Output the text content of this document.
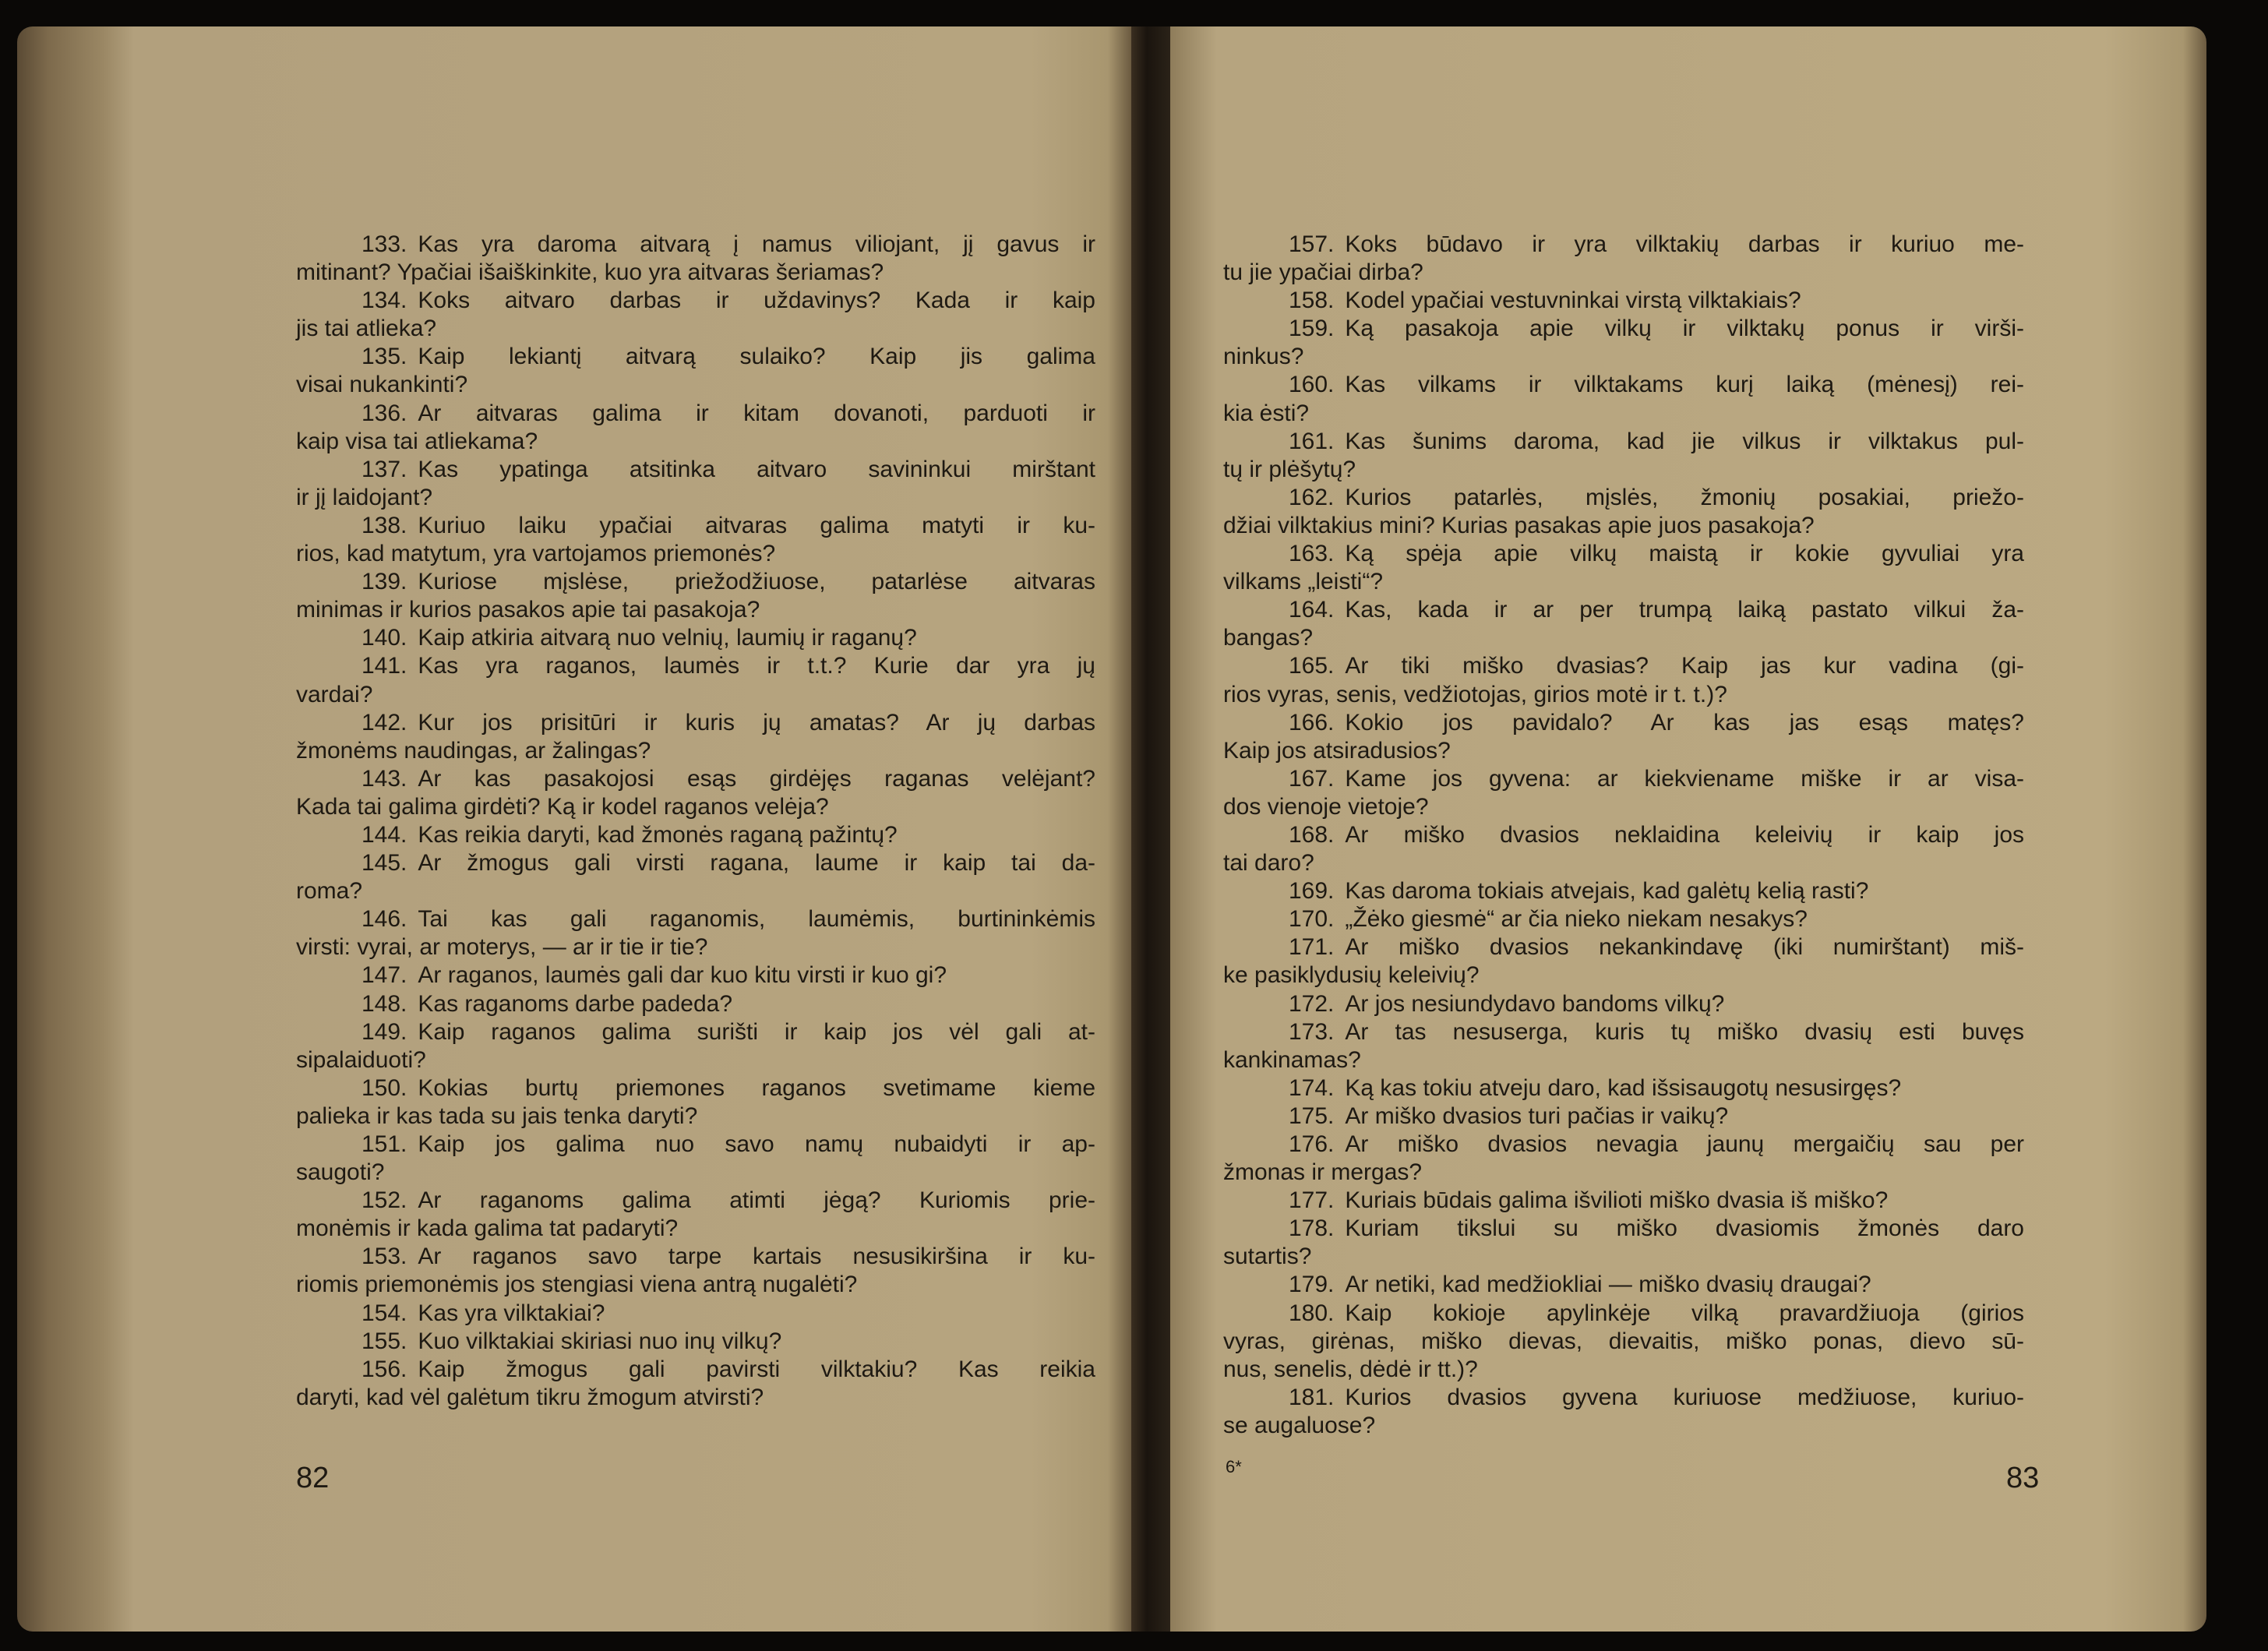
133. Kas yra daroma aitvarą į namus viliojant, jį gavus ir
mitinant? Ypačiai išaiškinkite, kuo yra aitvaras šeriamas?
134. Koks aitvaro darbas ir uždavinys? Kada ir kaip
jis tai atlieka?
135. Kaip lekiantį aitvarą sulaiko? Kaip jis galima
visai nukankinti?
136. Ar aitvaras galima ir kitam dovanoti, parduoti ir
kaip visa tai atliekama?
137. Kas ypatinga atsitinka aitvaro savininkui mirštant
ir jį laidojant?
138. Kuriuo laiku ypačiai aitvaras galima matyti ir ku-
rios, kad matytum, yra vartojamos priemonės?
139. Kuriose mįslėse, priežodžiuose, patarlėse aitvaras
minimas ir kurios pasakos apie tai pasakoja?
140. Kaip atkiria aitvarą nuo velnių, laumių ir raganų?
141. Kas yra raganos, laumės ir t.t.? Kurie dar yra jų
vardai?
142. Kur jos prisitūri ir kuris jų amatas? Ar jų darbas
žmonėms naudingas, ar žalingas?
143. Ar kas pasakojosi esąs girdėjęs raganas velėjant?
Kada tai galima girdėti? Ką ir kodel raganos velėja?
144. Kas reikia daryti, kad žmonės raganą pažintų?
145. Ar žmogus gali virsti ragana, laume ir kaip tai da-
roma?
146. Tai kas gali raganomis, laumėmis, burtininkėmis
virsti: vyrai, ar moterys, — ar ir tie ir tie?
147. Ar raganos, laumės gali dar kuo kitu virsti ir kuo gi?
148. Kas raganoms darbe padeda?
149. Kaip raganos galima surišti ir kaip jos vėl gali at-
sipalaiduoti?
150. Kokias burtų priemones raganos svetimame kieme
palieka ir kas tada su jais tenka daryti?
151. Kaip jos galima nuo savo namų nubaidyti ir ap-
saugoti?
152. Ar raganoms galima atimti jėgą? Kuriomis prie-
monėmis ir kada galima tat padaryti?
153. Ar raganos savo tarpe kartais nesusikiršina ir ku-
riomis priemonėmis jos stengiasi viena antrą nugalėti?
154. Kas yra vilktakiai?
155. Kuo vilktakiai skiriasi nuo inų vilkų?
156. Kaip žmogus gali pavirsti vilktakiu? Kas reikia
daryti, kad vėl galėtum tikru žmogum atvirsti?
82
157. Koks būdavo ir yra vilktakių darbas ir kuriuo me-
tu jie ypačiai dirba?
158. Kodel ypačiai vestuvninkai virstą vilktakiais?
159. Ką pasakoja apie vilkų ir vilktakų ponus ir virši-
ninkus?
160. Kas vilkams ir vilktakams kurį laiką (mėnesį) rei-
kia ėsti?
161. Kas šunims daroma, kad jie vilkus ir vilktakus pul-
tų ir plėšytų?
162. Kurios patarlės, mįslės, žmonių posakiai, priežo-
džiai vilktakius mini? Kurias pasakas apie juos pasakoja?
163. Ką spėja apie vilkų maistą ir kokie gyvuliai yra
vilkams „leisti“?
164. Kas, kada ir ar per trumpą laiką pastato vilkui ža-
bangas?
165. Ar tiki miško dvasias? Kaip jas kur vadina (gi-
rios vyras, senis, vedžiotojas, girios motė ir t. t.)?
166. Kokio jos pavidalo? Ar kas jas esąs matęs?
Kaip jos atsiradusios?
167. Kame jos gyvena: ar kiekviename miške ir ar visa-
dos vienoje vietoje?
168. Ar miško dvasios neklaidina keleivių ir kaip jos
tai daro?
169. Kas daroma tokiais atvejais, kad galėtų kelią rasti?
170. „Žėko giesmė“ ar čia nieko niekam nesakys?
171. Ar miško dvasios nekankindavę (iki numirštant) miš-
ke pasiklydusių keleivių?
172. Ar jos nesiundydavo bandoms vilkų?
173. Ar tas nesuserga, kuris tų miško dvasių esti buvęs
kankinamas?
174. Ką kas tokiu atveju daro, kad išsisaugotų nesusirgęs?
175. Ar miško dvasios turi pačias ir vaikų?
176. Ar miško dvasios nevagia jaunų mergaičių sau per
žmonas ir mergas?
177. Kuriais būdais galima išvilioti miško dvasia iš miško?
178. Kuriam tikslui su miško dvasiomis žmonės daro
sutartis?
179. Ar netiki, kad medžiokliai — miško dvasių draugai?
180. Kaip kokioje apylinkėje vilką pravardžiuoja (girios
vyras, girėnas, miško dievas, dievaitis, miško ponas, dievo sū-
nus, senelis, dėdė ir tt.)?
181. Kurios dvasios gyvena kuriuose medžiuose, kuriuo-
se augaluose?
6*	83
